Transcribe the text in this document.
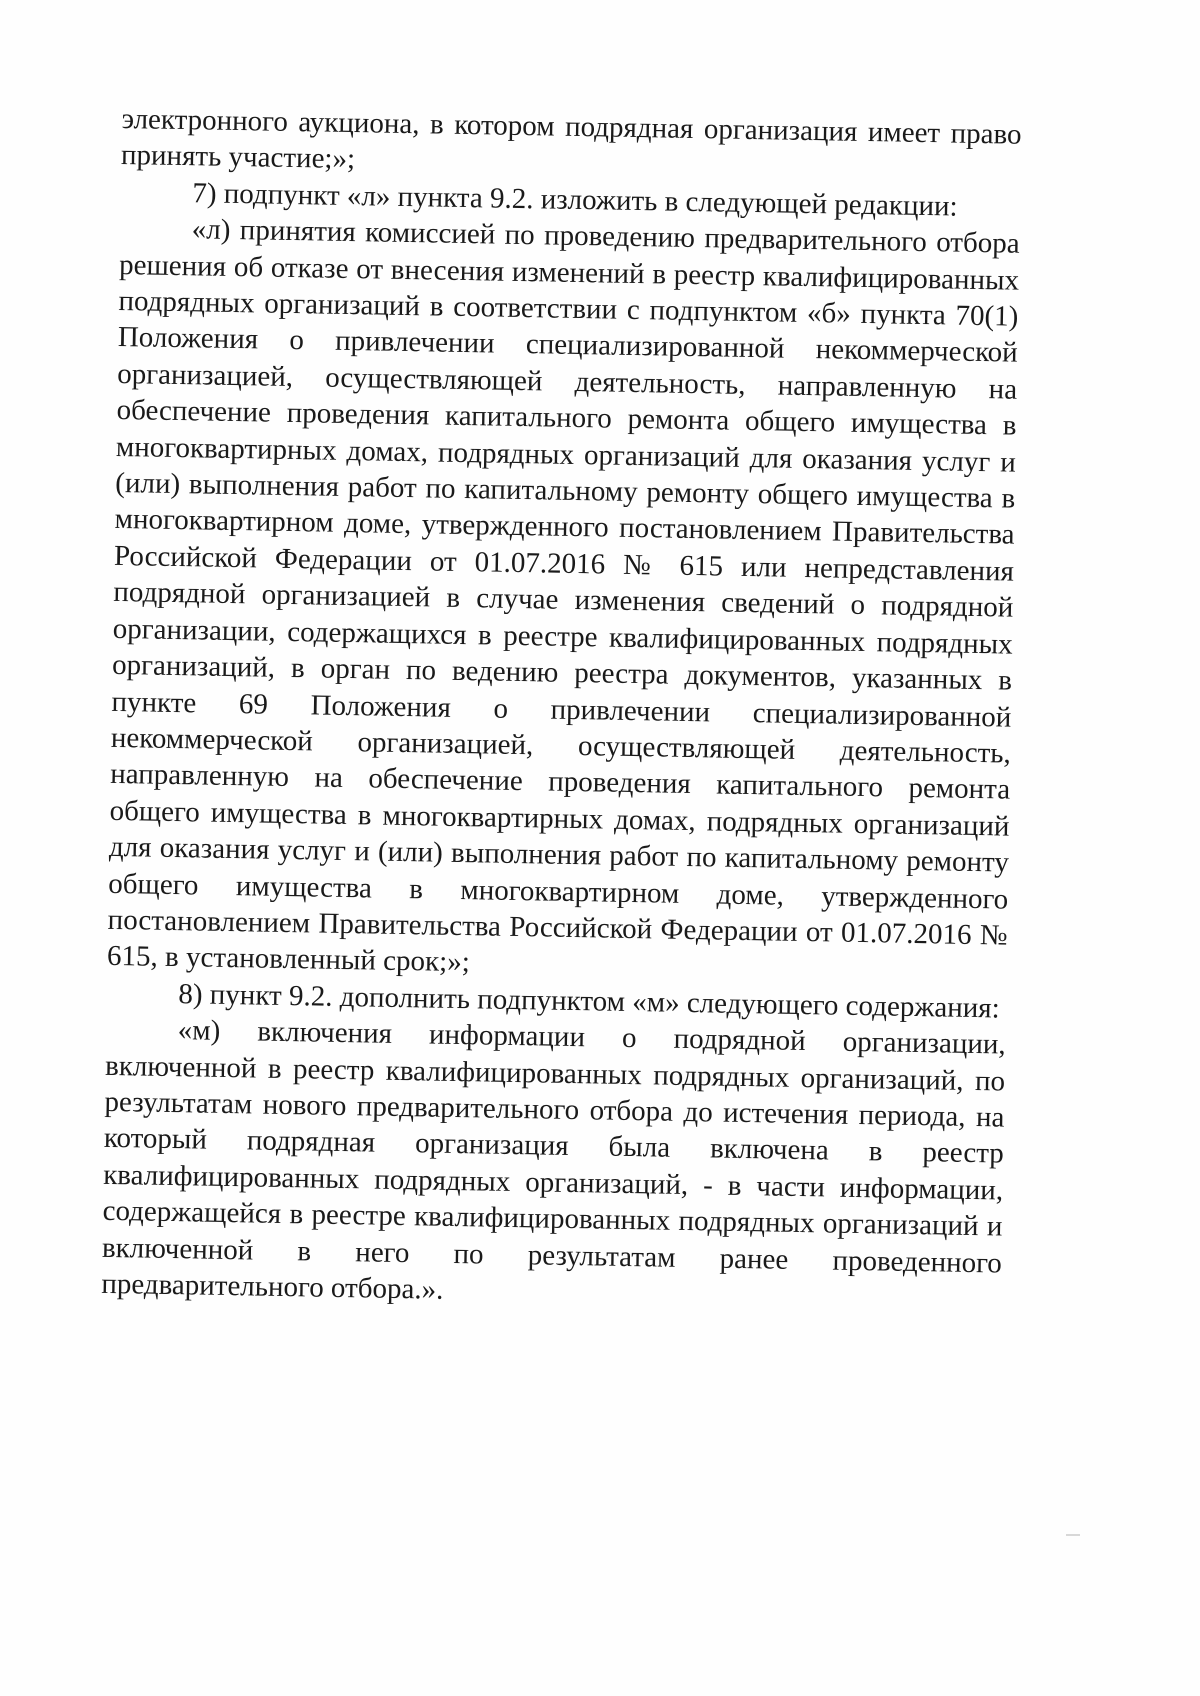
электронного аукциона, в котором подрядная организация имеет право принять участие;»;

7) подпункт «л» пункта 9.2. изложить в следующей редакции:

«л) принятия комиссией по проведению предварительного отбора решения об отказе от внесения изменений в реестр квалифицированных подрядных организаций в соответствии с подпунктом «б» пункта 70(1) Положения о привлечении специализированной некоммерческой организацией, осуществляющей деятельность, направленную на обеспечение проведения капитального ремонта общего имущества в многоквартирных домах, подрядных организаций для оказания услуг и (или) выполнения работ по капитальному ремонту общего имущества в многоквартирном доме, утвержденного постановлением Правительства Российской Федерации от 01.07.2016 № 615 или непредставления подрядной организацией в случае изменения сведений о подрядной организации, содержащихся в реестре квалифицированных подрядных организаций, в орган по ведению реестра документов, указанных в пункте 69 Положения о привлечении специализированной некоммерческой организацией, осуществляющей деятельность, направленную на обеспечение проведения капитального ремонта общего имущества в многоквартирных домах, подрядных организаций для оказания услуг и (или) выполнения работ по капитальному ремонту общего имущества в многоквартирном доме, утвержденного постановлением Правительства Российской Федерации от 01.07.2016 № 615, в установленный срок;»;

8) пункт 9.2. дополнить подпунктом «м» следующего содержания:

«м) включения информации о подрядной организации, включенной в реестр квалифицированных подрядных организаций, по результатам нового предварительного отбора до истечения периода, на который подрядная организация была включена в реестр квалифицированных подрядных организаций, - в части информации, содержащейся в реестре квалифицированных подрядных организаций и включенной в него по результатам ранее проведенного предварительного отбора.».
